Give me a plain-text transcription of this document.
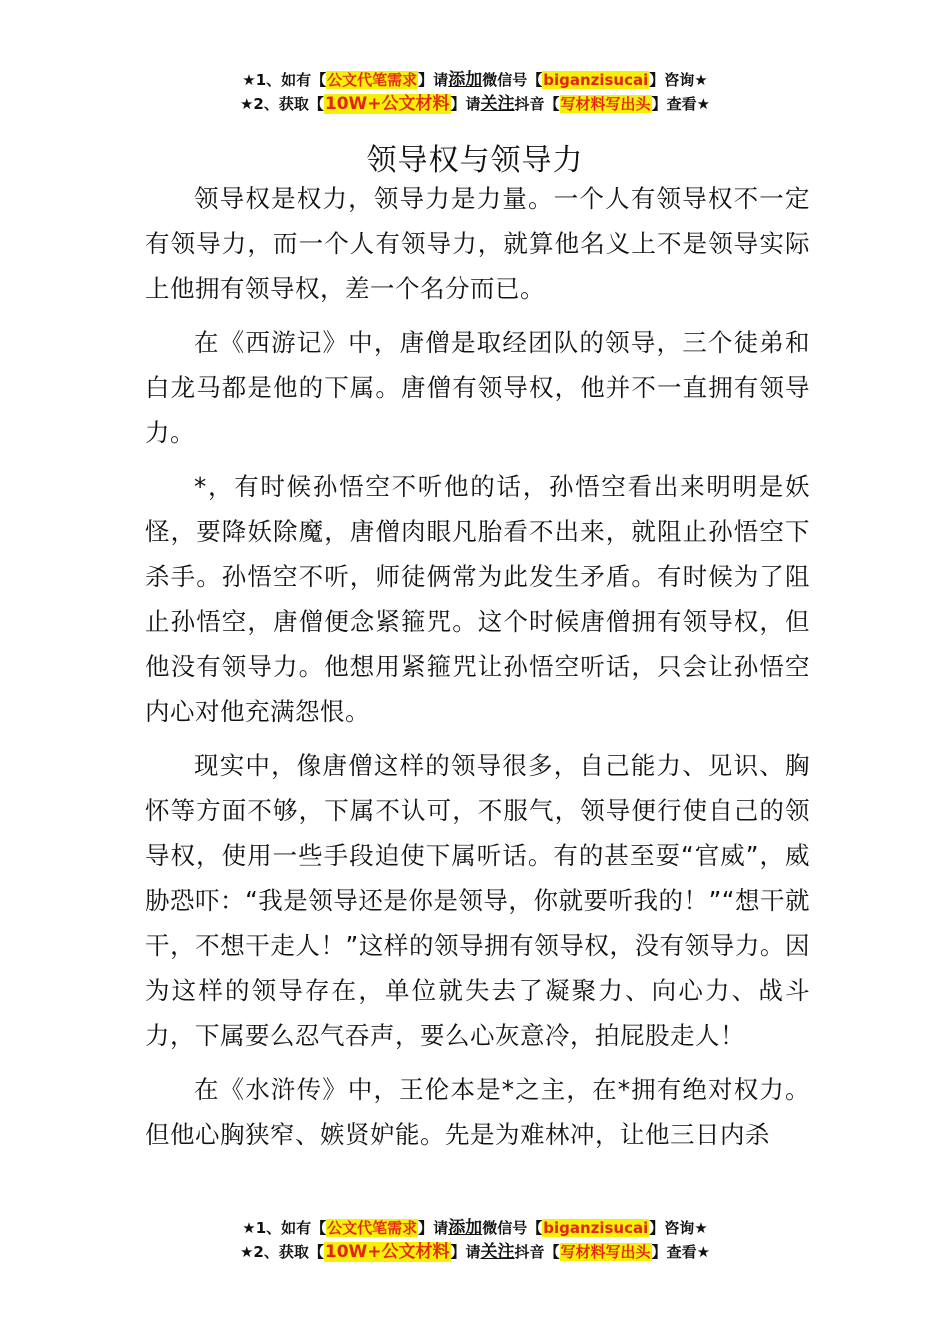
★1、如有【公文代笔需求】请添加微信号【biganzisucai】咨询★
★2、获取【10W+公文材料】请关注抖音【写材料写出头】查看★
领导权与领导力

领导权是权力，领导力是力量。一个人有领导权不一定有领导力，而一个人有领导力，就算他名义上不是领导实际上他拥有领导权，差一个名分而已。

在《西游记》中，唐僧是取经团队的领导，三个徒弟和白龙马都是他的下属。唐僧有领导权，他并不一直拥有领导力。

*，有时候孙悟空不听他的话，孙悟空看出来明明是妖怪，要降妖除魔，唐僧肉眼凡胎看不出来，就阻止孙悟空下杀手。孙悟空不听，师徒俩常为此发生矛盾。有时候为了阻止孙悟空，唐僧便念紧箍咒。这个时候唐僧拥有领导权，但他没有领导力。他想用紧箍咒让孙悟空听话，只会让孙悟空内心对他充满怨恨。

现实中，像唐僧这样的领导很多，自己能力、见识、胸怀等方面不够，下属不认可，不服气，领导便行使自己的领导权，使用一些手段迫使下属听话。有的甚至耍“官威”，威胁恐吓：“我是领导还是你是领导，你就要听我的！”“想干就干，不想干走人！”这样的领导拥有领导权，没有领导力。因为这样的领导存在，单位就失去了凝聚力、向心力、战斗力，下属要么忍气吞声，要么心灰意冷，拍屁股走人！

在《水浒传》中，王伦本是*之主，在*拥有绝对权力。但他心胸狭窄、嫉贤妒能。先是为难林冲，让他三日内杀

★1、如有【公文代笔需求】请添加微信号【biganzisucai】咨询★
★2、获取【10W+公文材料】请关注抖音【写材料写出头】查看★
